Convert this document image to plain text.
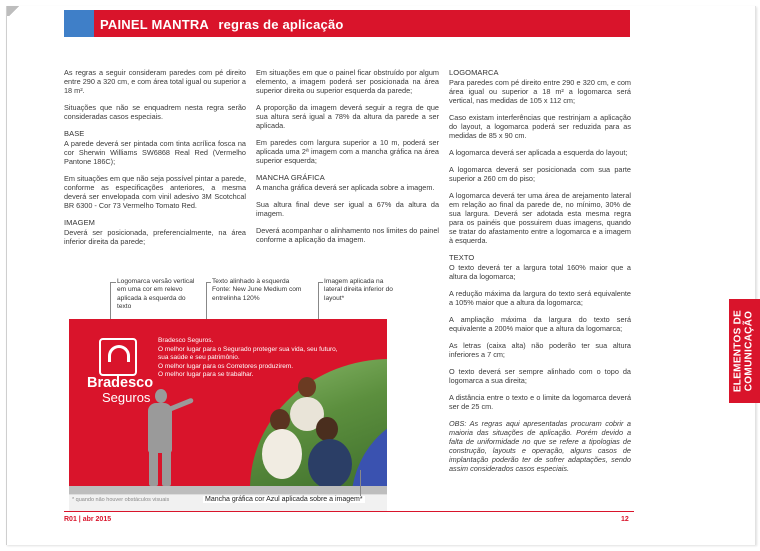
PAINEL MANTRA regras de aplicação

As regras a seguir consideram paredes com pé direito entre 290 a 320 cm, e com área total igual ou superior a 18 m².

Situações que não se enquadrem nesta regra serão consideradas casos especiais.

BASE

A parede deverá ser pintada com tinta acrílica fosca na cor Sherwin Williams SW6868 Real Red (Vermelho Pantone 186C);

Em situações em que não seja possível pintar a parede, conforme as especificações anteriores, a mesma deverá ser envelopada com vinil adesivo 3M Scotchcal BR 6300 - Cor 73 Vermelho Tomato Red.

IMAGEM

Deverá ser posicionada, preferencialmente, na área inferior direita da parede;

Em situações em que o painel ficar obstruído por algum elemento, a imagem poderá ser posicionada na área superior direita ou superior esquerda da parede;

A proporção da imagem deverá seguir a regra de que sua altura será igual a 78% da altura da parede a ser aplicada.

Em paredes com largura superior a 10 m, poderá ser aplicada uma 2ª imagem com a mancha gráfica na área superior esquerda;

MANCHA GRÁFICA

A mancha gráfica deverá ser aplicada sobre a imagem.

Sua altura final deve ser igual a 67% da altura da imagem.

Deverá acompanhar o alinhamento nos limites do painel conforme a aplicação da imagem.

LOGOMARCA

Para paredes com pé direito entre 290 e 320 cm, e com área igual ou superior a 18 m² a logomarca será vertical, nas medidas de 105 x 112 cm;

Caso existam interferências que restrinjam a aplicação do layout, a logomarca poderá ser reduzida para as medidas de 85 x 90 cm.

A logomarca deverá ser aplicada a esquerda do layout;

A logomarca deverá ser posicionada com sua parte superior a 260 cm do piso;

A logomarca deverá ter uma área de arejamento lateral em relação ao final da parede de, no mínimo, 30% de sua largura. Deverá ser adotada esta mesma regra para os painéis que possuirem duas imagens, quando se tratar do afastamento entre a logomarca e a imagem à esquerda.

TEXTO

O texto deverá ter a largura total 160% maior que a altura da logomarca;

A redução máxima da largura do texto será equivalente a 105% maior que a altura da logomarca;

A ampliação máxima da largura do texto será equivalente a 200% maior que a altura da logomarca;

As letras (caixa alta) não poderão ter sua altura inferiores a 7 cm;

O texto deverá ser sempre alinhado com o topo da logomarca a sua direita;

A distância entre o texto e o limite da logomarca deverá ser de 25 cm.

OBS: As regras aqui apresentadas procuram cobrir a maioria das situações de aplicação. Porém devido a falta de uniformidade no que se refere a tipologias de construção, layouts e operação, alguns casos de implantação poderão ter de sofrer adaptações, sendo assim considerados casos especiais.

Logomarca versão vertical em uma cor em relevo aplicada à esquerda do texto
Texto alinhado à esquerda Fonte: New June Medium com entrelinha 120%
Imagem aplicada na lateral direita inferior do layout*
Bradesco
Seguros
Bradesco Seguros.
O melhor lugar para o Segurado proteger sua vida, seu futuro, sua saúde e seu patrimônio.
O melhor lugar para os Corretores produzirem.
O melhor lugar para se trabalhar.
* quando não houver obstáculos visuais	Mancha gráfica cor Azul aplicada sobre a imagem*
R01 | abr 2015	12
ELEMENTOS DE COMUNICAÇÃO
